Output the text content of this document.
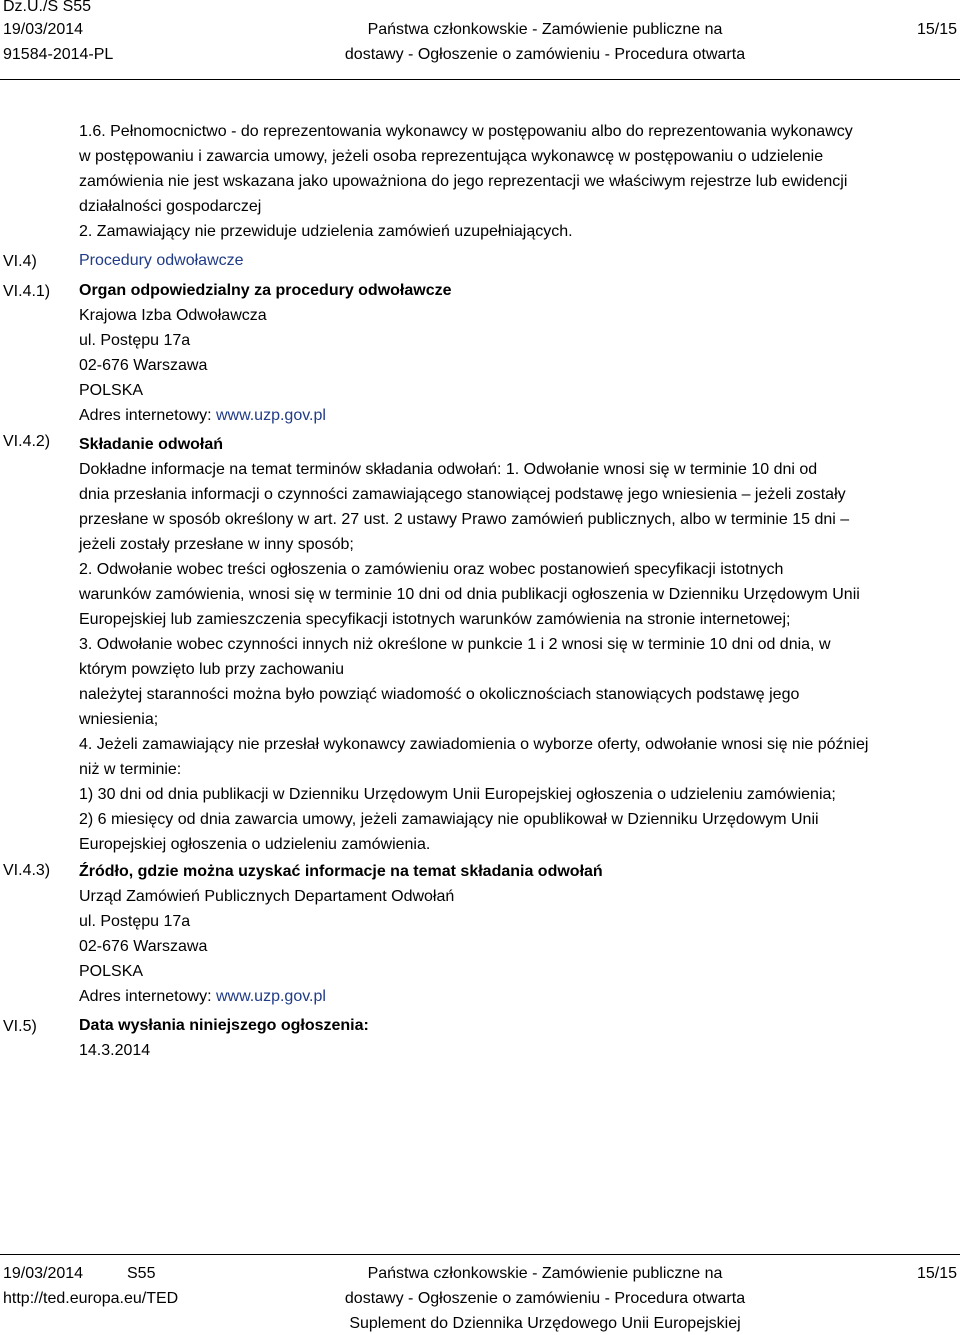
Dz.U./S S55
19/03/2014
91584-2014-PL
Państwa członkowskie - Zamówienie publiczne na
dostawy - Ogłoszenie o zamówieniu - Procedura otwarta
15/15
VI.4)
VI.4.1)
VI.4.2)
VI.4.3)
VI.5)
1.6. Pełnomocnictwo - do reprezentowania wykonawcy w postępowaniu albo do reprezentowania wykonawcy
w postępowaniu i zawarcia umowy, jeżeli osoba reprezentująca wykonawcę w postępowaniu o udzielenie
zamówienia nie jest wskazana jako upoważniona do jego reprezentacji we właściwym rejestrze lub ewidencji
działalności gospodarczej
2. Zamawiający nie przewiduje udzielenia zamówień uzupełniających.
Procedury odwoławcze
Organ odpowiedzialny za procedury odwoławcze
Krajowa Izba Odwoławcza
ul. Postępu 17a
02-676 Warszawa
POLSKA
Adres internetowy: www.uzp.gov.pl
Składanie odwołań
Dokładne informacje na temat terminów składania odwołań: 1. Odwołanie wnosi się w terminie 10 dni od
dnia przesłania informacji o czynności zamawiającego stanowiącej podstawę jego wniesienia – jeżeli zostały
przesłane w sposób określony w art. 27 ust. 2 ustawy Prawo zamówień publicznych, albo w terminie 15 dni –
jeżeli zostały przesłane w inny sposób;
2. Odwołanie wobec treści ogłoszenia o zamówieniu oraz wobec postanowień specyfikacji istotnych
warunków zamówienia, wnosi się w terminie 10 dni od dnia publikacji ogłoszenia w Dzienniku Urzędowym Unii
Europejskiej lub zamieszczenia specyfikacji istotnych warunków zamówienia na stronie internetowej;
3. Odwołanie wobec czynności innych niż określone w punkcie 1 i 2 wnosi się w terminie 10 dni od dnia, w
którym powzięto lub przy zachowaniu
należytej staranności można było powziąć wiadomość o okolicznościach stanowiących podstawę jego
wniesienia;
4. Jeżeli zamawiający nie przesłał wykonawcy zawiadomienia o wyborze oferty, odwołanie wnosi się nie później
niż w terminie:
1) 30 dni od dnia publikacji w Dzienniku Urzędowym Unii Europejskiej ogłoszenia o udzieleniu zamówienia;
2) 6 miesięcy od dnia zawarcia umowy, jeżeli zamawiający nie opublikował w Dzienniku Urzędowym Unii
Europejskiej ogłoszenia o udzieleniu zamówienia.
Źródło, gdzie można uzyskać informacje na temat składania odwołań
Urząd Zamówień Publicznych Departament Odwołań
ul. Postępu 17a
02-676 Warszawa
POLSKA
Adres internetowy: www.uzp.gov.pl
Data wysłania niniejszego ogłoszenia:
14.3.2014
19/03/2014	S55
http://ted.europa.eu/TED
Państwa członkowskie - Zamówienie publiczne na
dostawy - Ogłoszenie o zamówieniu - Procedura otwarta
Suplement do Dziennika Urzędowego Unii Europejskiej
15/15
